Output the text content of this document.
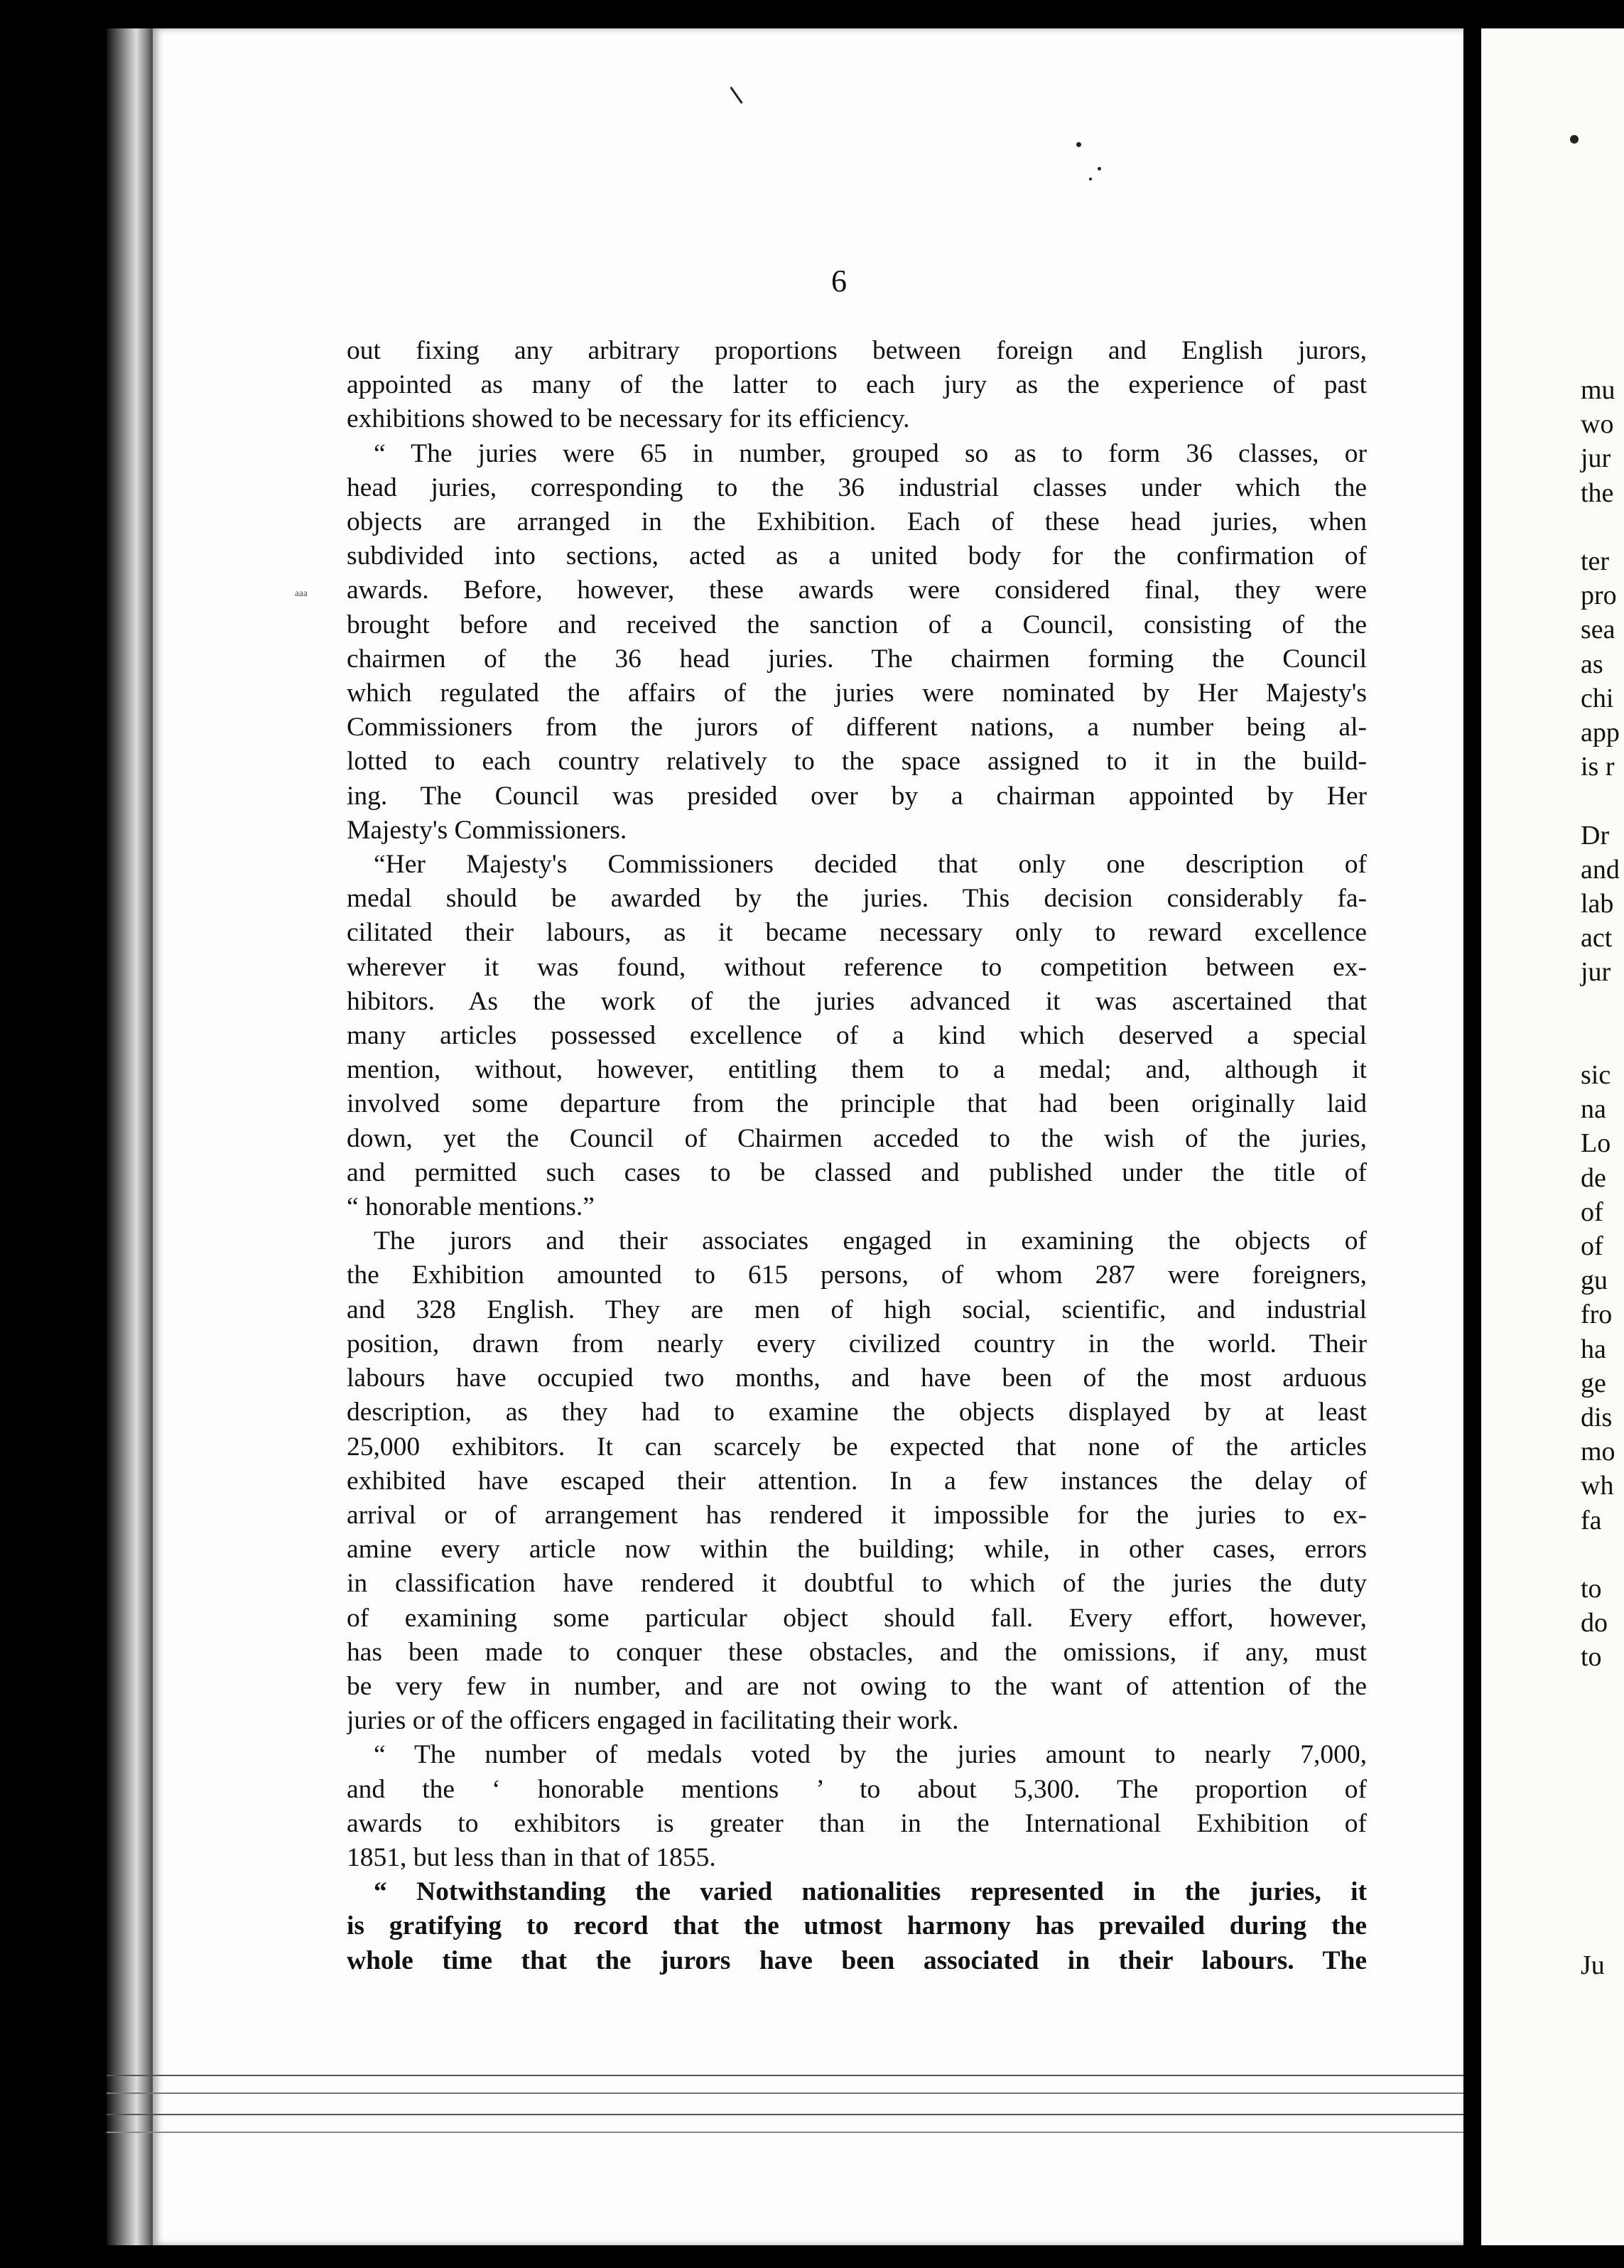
ᵃᵃᵃ
6
out fixing any arbitrary proportions between foreign and English jurors,
appointed as many of the latter to each jury as the experience of past
exhibitions showed to be necessary for its efficiency.
“ The juries were 65 in number, grouped so as to form 36 classes, or
head juries, corresponding to the 36 industrial classes under which the
objects are arranged in the Exhibition. Each of these head juries, when
subdivided into sections, acted as a united body for the confirmation of
awards. Before, however, these awards were considered final, they were
brought before and received the sanction of a Council, consisting of the
chairmen of the 36 head juries. The chairmen forming the Council
which regulated the affairs of the juries were nominated by Her Majesty's
Commissioners from the jurors of different nations, a number being al-
lotted to each country relatively to the space assigned to it in the build-
ing. The Council was presided over by a chairman appointed by Her
Majesty's Commissioners.
“Her Majesty's Commissioners decided that only one description of
medal should be awarded by the juries. This decision considerably fa-
cilitated their labours, as it became necessary only to reward excellence
wherever it was found, without reference to competition between ex-
hibitors. As the work of the juries advanced it was ascertained that
many articles possessed excellence of a kind which deserved a special
mention, without, however, entitling them to a medal; and, although it
involved some departure from the principle that had been originally laid
down, yet the Council of Chairmen acceded to the wish of the juries,
and permitted such cases to be classed and published under the title of
“ honorable mentions.”
The jurors and their associates engaged in examining the objects of
the Exhibition amounted to 615 persons, of whom 287 were foreigners,
and 328 English. They are men of high social, scientific, and industrial
position, drawn from nearly every civilized country in the world. Their
labours have occupied two months, and have been of the most arduous
description, as they had to examine the objects displayed by at least
25,000 exhibitors. It can scarcely be expected that none of the articles
exhibited have escaped their attention. In a few instances the delay of
arrival or of arrangement has rendered it impossible for the juries to ex-
amine every article now within the building; while, in other cases, errors
in classification have rendered it doubtful to which of the juries the duty
of examining some particular object should fall. Every effort, however,
has been made to conquer these obstacles, and the omissions, if any, must
be very few in number, and are not owing to the want of attention of the
juries or of the officers engaged in facilitating their work.
“ The number of medals voted by the juries amount to nearly 7,000,
and the ‘ honorable mentions ’ to about 5,300. The proportion of
awards to exhibitors is greater than in the International Exhibition of
1851, but less than in that of 1855.
“ Notwithstanding the varied nationalities represented in the juries, it
is gratifying to record that the utmost harmony has prevailed during the
whole time that the jurors have been associated in their labours. The
mu
wo
jur
the
ter
pro
sea
as
chi
app
is r
Dr
and
lab
act
jur
sic
na
Lo
de
of
of
gu
fro
ha
ge
dis
mo
wh
fa
to
do
to
Ju
